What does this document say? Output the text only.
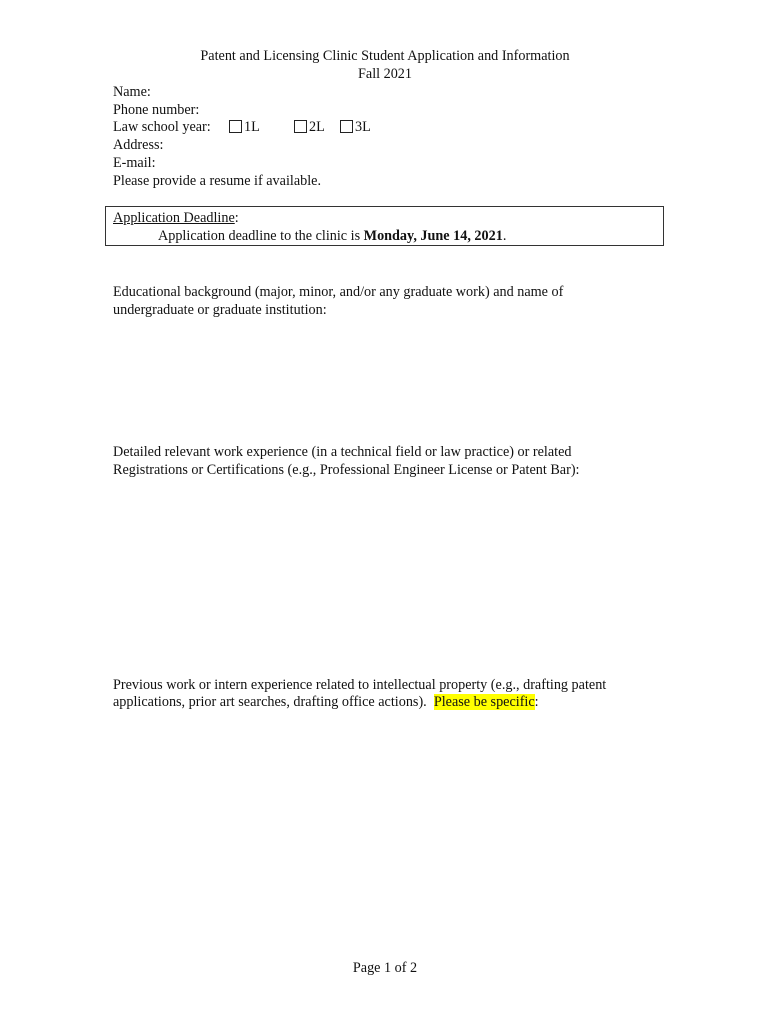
Patent and Licensing Clinic Student Application and Information
Fall 2021
Name:
Phone number:
Law school year:	1L	2L	3L
Address:
E-mail:
Please provide a resume if available.
Application Deadline:
Application deadline to the clinic is Monday, June 14, 2021.
Educational background (major, minor, and/or any graduate work) and name of
undergraduate or graduate institution:
Detailed relevant work experience (in a technical field or law practice) or related
Registrations or Certifications (e.g., Professional Engineer License or Patent Bar):
Previous work or intern experience related to intellectual property (e.g., drafting patent
applications, prior art searches, drafting office actions).  Please be specific:
Page 1 of 2
